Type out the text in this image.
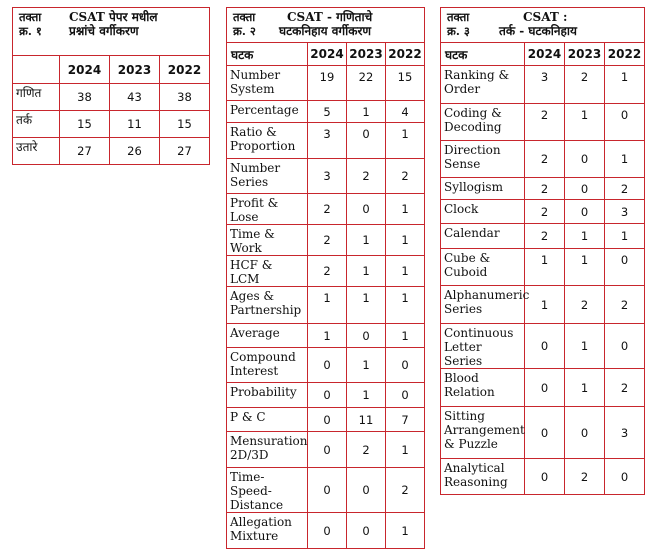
तक्ता
क्र. १
CSAT पेपर मधील
प्रश्नांचे वर्गीकरण			

	2024	2023	2022
गणित	38	43	38
तर्क	15	11	15
उतारे	27	26	27
तक्ता
क्र. २
CSAT - गणिताचे
घटकनिहाय वर्गीकरण			

घटक	2024	2023	2022
Number System	19	22	15
Percentage	5	1	4
Ratio & Proportion	3	0	1
Number Series	3	2	2
Profit & Lose	2	0	1
Time & Work	2	1	1
HCF & LCM	2	1	1
Ages & Partnership	1	1	1
Average	1	0	1
Compound Interest	0	1	0
Probability	0	1	0
P & C	0	11	7
Mensuration 2D/3D	0	2	1
Time-Speed-Distance	0	0	2
Allegation Mixture	0	0	1
तक्ता
क्र. ३
CSAT :
तर्क - घटकनिहाय			

घटक	2024	2023	2022
Ranking & Order	3	2	1
Coding & Decoding	2	1	0
Direction Sense	2	0	1
Syllogism	2	0	2
Clock	2	0	3
Calendar	2	1	1
Cube & Cuboid	1	1	0
Alphanumeric Series	1	2	2
Continuous Letter Series	0	1	0
Blood Relation	0	1	2
Sitting Arrangement & Puzzle	0	0	3
Analytical Reasoning	0	2	0
